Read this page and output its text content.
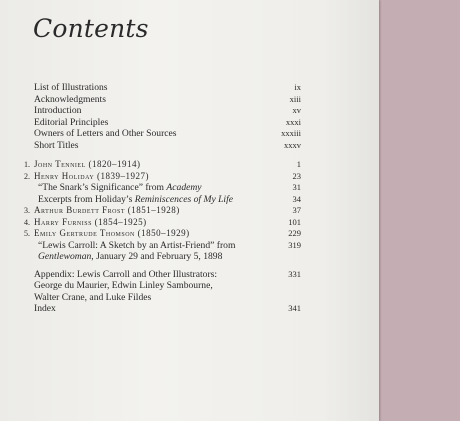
Contents
List of Illustrations	ix
Acknowledgments	xiii
Introduction	xv
Editorial Principles	xxxi
Owners of Letters and Other Sources	xxxiii
Short Titles	xxxv
1. John Tenniel (1820–1914)	1
2. Henry Holiday (1839–1927)	23
“The Snark’s Significance” from Academy	31
Excerpts from Holiday’s Reminiscences of My Life	34
3. Arthur Burdett Frost (1851–1928)	37
4. Harry Furniss (1854–1925)	101
5. Emily Gertrude Thomson (1850–1929)	229
“Lewis Carroll: A Sketch by an Artist-Friend” from	319
Gentlewoman, January 29 and February 5, 1898
Appendix: Lewis Carroll and Other Illustrators:	331
George du Maurier, Edwin Linley Sambourne,
Walter Crane, and Luke Fildes
Index	341
